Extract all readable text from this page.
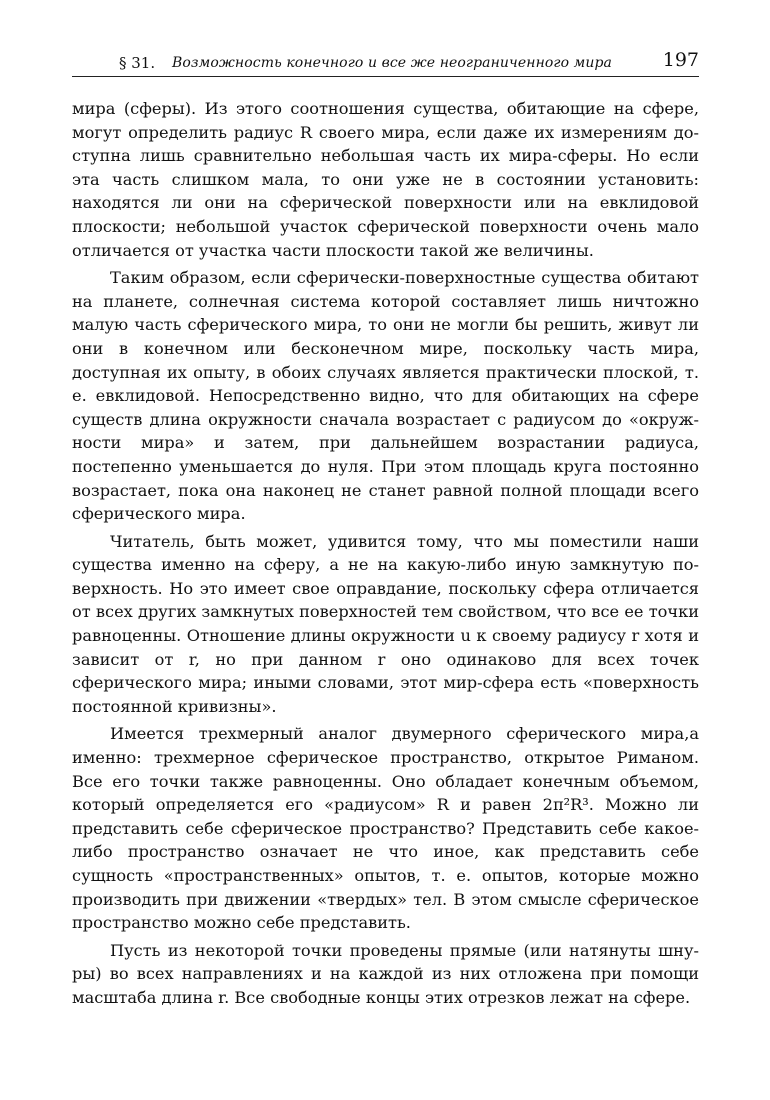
§ 31. Возможность конечного и все же неограниченного мира	197

мира (сферы). Из этого соотношения существа, обитающие на сфере, могут определить радиус R своего мира, если даже их измерениям доступна лишь сравнительно небольшая часть их мира-сферы. Но если эта часть слишком мала, то они уже не в состоянии установить: находятся ли они на сферической поверхности или на евклидовой плоскости; небольшой участок сферической поверхности очень мало отличается от участка части плоскости такой же величины.

Таким образом, если сферически-поверхностные существа обитают на планете, солнечная система которой составляет лишь ничтожно малую часть сферического мира, то они не могли бы решить, живут ли они в конечном или бесконечном мире, поскольку часть мира, доступная их опыту, в обоих случаях является практически плоской, т. е. евклидовой. Непосредственно видно, что для обитающих на сфере существ длина окружности сначала возрастает с радиусом до «окружности мира» и затем, при дальнейшем возрастании радиуса, постепенно уменьшается до нуля. При этом площадь круга постоянно возрастает, пока она наконец не станет равной полной площади всего сферического мира.

Читатель, быть может, удивится тому, что мы поместили наши существа именно на сферу, а не на какую-либо иную замкнутую поверхность. Но это имеет свое оправдание, поскольку сфера отличается от всех других замкнутых поверхностей тем свойством, что все ее точки равноценны. Отношение длины окружности u к своему радиусу r хотя и зависит от r, но при данном r оно одинаково для всех точек сферического мира; иными словами, этот мир-сфера есть «поверхность постоянной кривизны».

Имеется трехмерный аналог двумерного сферического мира,а именно: трехмерное сферическое пространство, открытое Риманом. Все его точки также равноценны. Оно обладает конечным объемом, который определяется его «радиусом» R и равен 2π²R³. Можно ли представить себе сферическое пространство? Представить себе какое-либо пространство означает не что иное, как представить себе сущность «пространственных» опытов, т. е. опытов, которые можно производить при движении «твердых» тел. В этом смысле сферическое пространство можно себе представить.

Пусть из некоторой точки проведены прямые (или натянуты шнуры) во всех направлениях и на каждой из них отложена при помощи масштаба длина r. Все свободные концы этих отрезков лежат на сфере.
